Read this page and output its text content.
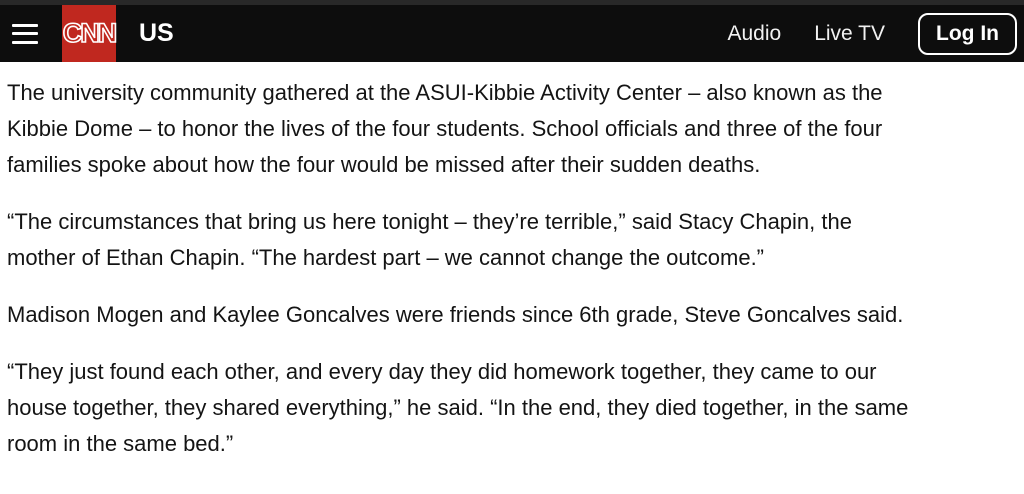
CNN US	Audio Live TV	Log In
The university community gathered at the ASUI-Kibbie Activity Center – also known as the
Kibbie Dome – to honor the lives of the four students. School officials and three of the four
families spoke about how the four would be missed after their sudden deaths.
“The circumstances that bring us here tonight – they’re terrible,” said Stacy Chapin, the
mother of Ethan Chapin. “The hardest part – we cannot change the outcome.”
Madison Mogen and Kaylee Goncalves were friends since 6th grade, Steve Goncalves said.
“They just found each other, and every day they did homework together, they came to our
house together, they shared everything,” he said. “In the end, they died together, in the same
room in the same bed.”
